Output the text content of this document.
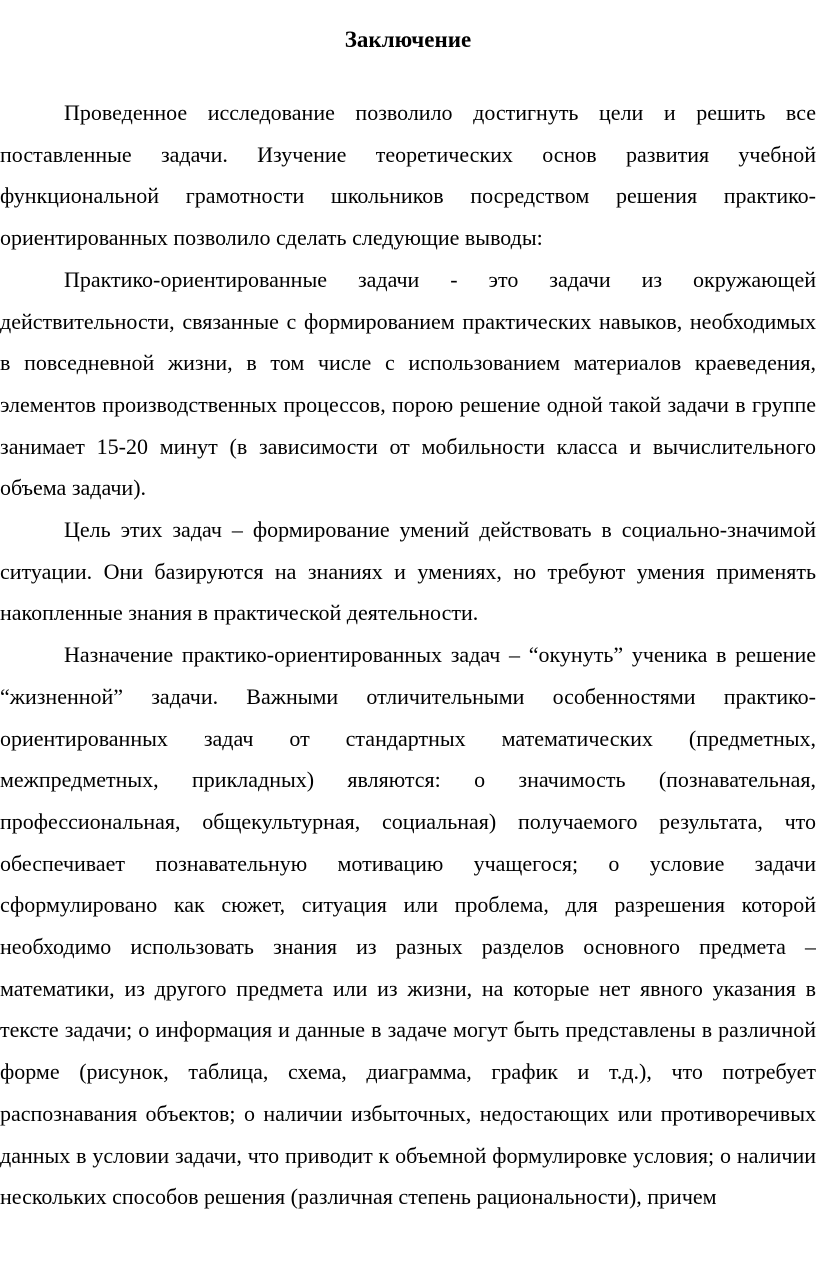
Заключение

Проведенное исследование позволило достигнуть цели и решить все поставленные задачи. Изучение теоретических основ развития учебной функциональной грамотности школьников посредством решения практико-ориентированных позволило сделать следующие выводы:

Практико-ориентированные задачи - это задачи из окружающей действительности, связанные с формированием практических навыков, необходимых в повседневной жизни, в том числе с использованием материалов краеведения, элементов производственных процессов, порою решение одной такой задачи в группе занимает 15-20 минут (в зависимости от мобильности класса и вычислительного объема задачи).

Цель этих задач – формирование умений действовать в социально-значимой ситуации. Они базируются на знаниях и умениях, но требуют умения применять накопленные знания в практической деятельности.

Назначение практико-ориентированных задач – “окунуть” ученика в решение “жизненной” задачи. Важными отличительными особенностями практико-ориентированных задач от стандартных математических (предметных, межпредметных, прикладных) являются: o значимость (познавательная, профессиональная, общекультурная, социальная) получаемого результата, что обеспечивает познавательную мотивацию учащегося; o условие задачи сформулировано как сюжет, ситуация или проблема, для разрешения которой необходимо использовать знания из разных разделов основного предмета – математики, из другого предмета или из жизни, на которые нет явного указания в тексте задачи; o информация и данные в задаче могут быть представлены в различной форме (рисунок, таблица, схема, диаграмма, график и т.д.), что потребует распознавания объектов; o наличии избыточных, недостающих или противоречивых данных в условии задачи, что приводит к объемной формулировке условия; o наличии нескольких способов решения (различная степень рациональности), причем
